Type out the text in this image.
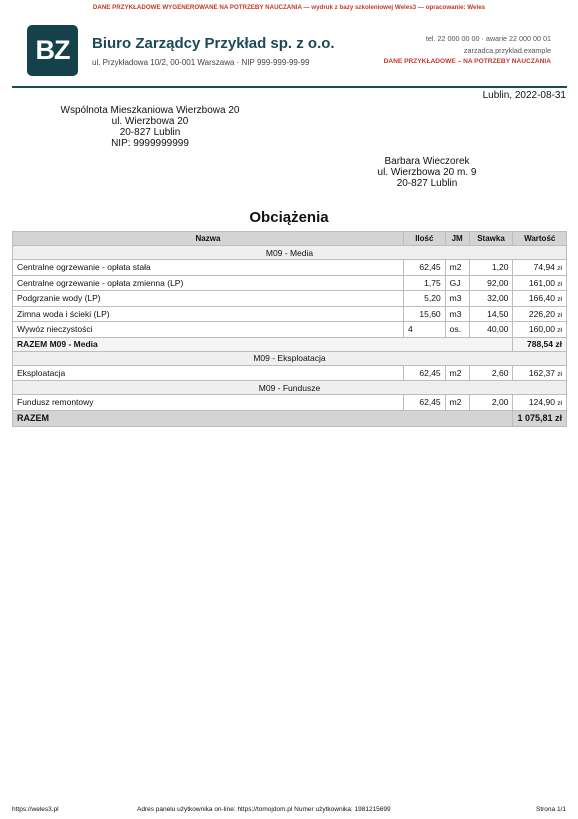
DANE PRZYKŁADOWE WYGENEROWANE NA POTRZEBY NAUCZANIA — wydruk z bazy szkoleniowej Weles3 — opracowanie: Weles
BZ	Biuro Zarządcy Przykład sp. z o.o.
ul. Przykładowa 10/2, 00-001 Warszawa · NIP 999-999-99-99
tel. 22 000 00 00 · awarie 22 000 00 01
zarzadca.przyklad.example
DANE PRZYKŁADOWE – NA POTRZEBY NAUCZANIA
Lublin, 2022-08-31
Wspólnota Mieszkaniowa Wierzbowa 20
ul. Wierzbowa 20
20-827 Lublin
NIP: 9999999999
Barbara Wieczorek
ul. Wierzbowa 20 m. 9
20-827 Lublin
Obciążenia
Nazwa	Ilość	JM	Stawka	Wartość
M09 - Media				
Centralne ogrzewanie - opłata stała	62,45	m2	1,20	74,94 zł
Centralne ogrzewanie - opłata zmienna (LP)	1,75	GJ	92,00	161,00 zł
Podgrzanie wody (LP)	5,20	m3	32,00	166,40 zł
Zimna woda i ścieki (LP)	15,60	m3	14,50	226,20 zł
Wywóz nieczystości	4	os.	40,00	160,00 zł
RAZEM M09 - Media				788,54 zł
M09 - Eksploatacja				
Eksploatacja	62,45	m2	2,60	162,37 zł
M09 - Fundusze				
Fundusz remontowy	62,45	m2	2,00	124,90 zł
RAZEM				1 075,81 zł
https://weles3.pl	Adres panelu użytkownika on-line: https://tomojdom.pl Numer użytkownika: 1981215699	Strona 1/1
